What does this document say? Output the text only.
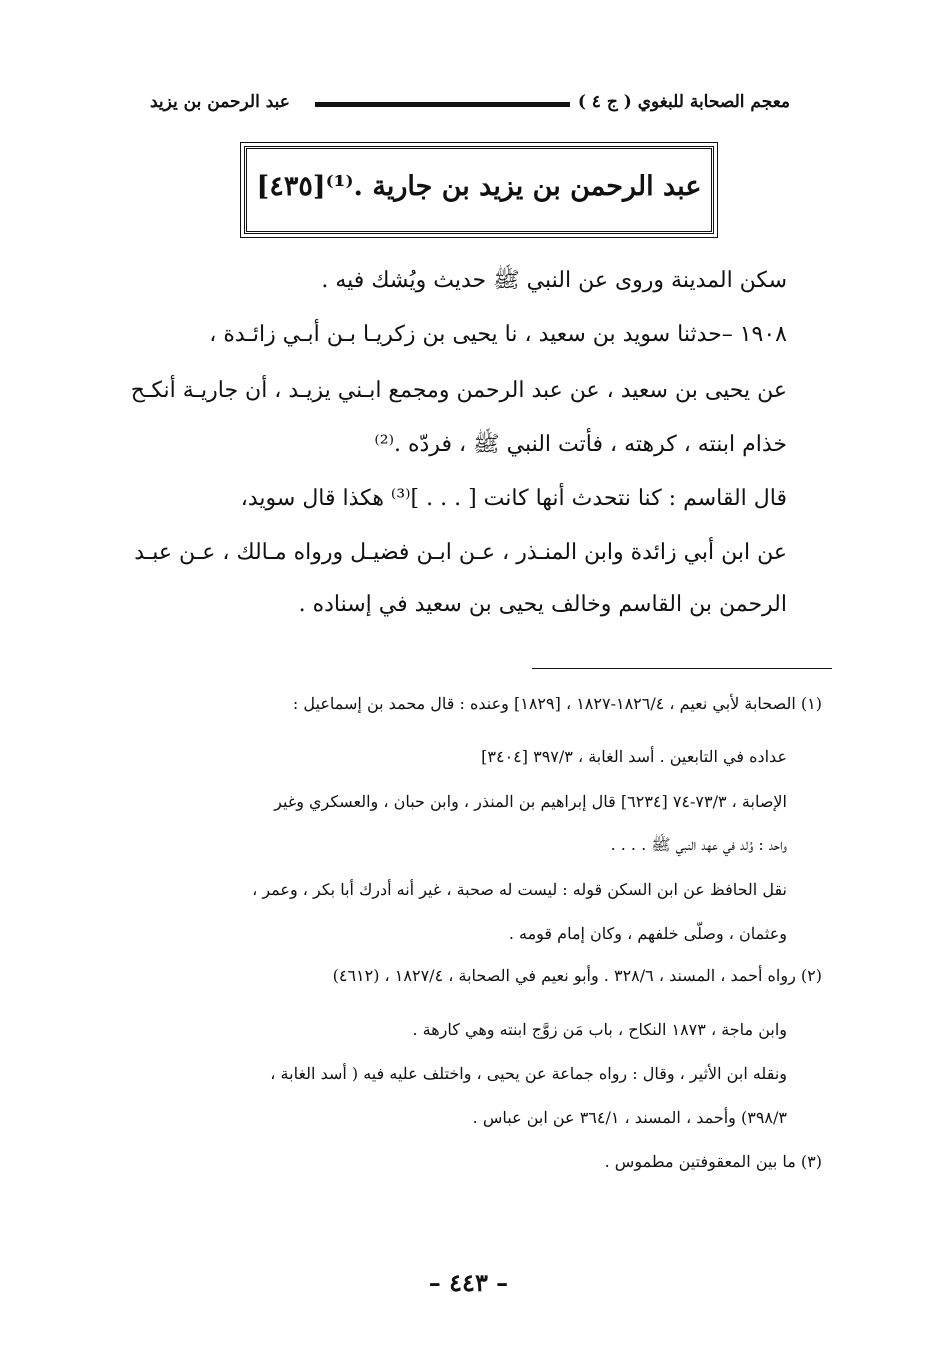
معجم الصحابة للبغوي ( ج ٤ )
عبد الرحمن بن يزيد
عبد الرحمن بن يزيد بن جارية .⁽¹⁾[٤٣٥]
سكن المدينة وروى عن النبي ﷺ حديث ويُشك فيه .
١٩٠٨ –حدثنا سويد بن سعيد ، نا يحيى بن زكريـا بـن أبـي زائـدة ،
عن يحيى بن سعيد ، عن عبد الرحمن ومجمع ابـني يزيـد ، أن جاريـة أنكـح
خذام ابنته ، كرهته ، فأتت النبي ﷺ ، فردّه .⁽²⁾
قال القاسم : كنا نتحدث أنها كانت [ . . . ]⁽³⁾ هكذا قال سويد،
عن ابن أبي زائدة وابن المنـذر ، عـن ابـن فضيـل ورواه مـالك ، عـن عبـد
الرحمن بن القاسم وخالف يحيى بن سعيد في إسناده .
(١) الصحابة لأبي نعيم ، ١٨٢٦/٤-١٨٢٧ ، [١٨٢٩] وعنده : قال محمد بن إسماعيل :
عداده في التابعين . أسد الغابة ، ٣٩٧/٣ [٣٤٠٤]
الإصابة ، ٧٣/٣-٧٤ [٦٢٣٤] قال إبراهيم بن المنذر ، وابن حبان ، والعسكري وغير
واحد : وُلد في عهد النبي ﷺ . . . .
نقل الحافظ عن ابن السكن قوله : ليست له صحبة ، غير أنه أدرك أبا بكر ، وعمر ،
وعثمان ، وصلّى خلفهم ، وكان إمام قومه .
(٢) رواه أحمد ، المسند ، ٣٢٨/٦ . وأبو نعيم في الصحابة ، ١٨٢٧/٤ ، (٤٦١٢)
وابن ماجة ، ١٨٧٣ النكاح ، باب مَن زوَّج ابنته وهي كارهة .
ونقله ابن الأثير ، وقال : رواه جماعة عن يحيى ، واختلف عليه فيه ( أسد الغابة ،
٣٩٨/٣) وأحمد ، المسند ، ٣٦٤/١ عن ابن عباس .
(٣) ما بين المعقوفتين مطموس .
– ٤٤٣ –
